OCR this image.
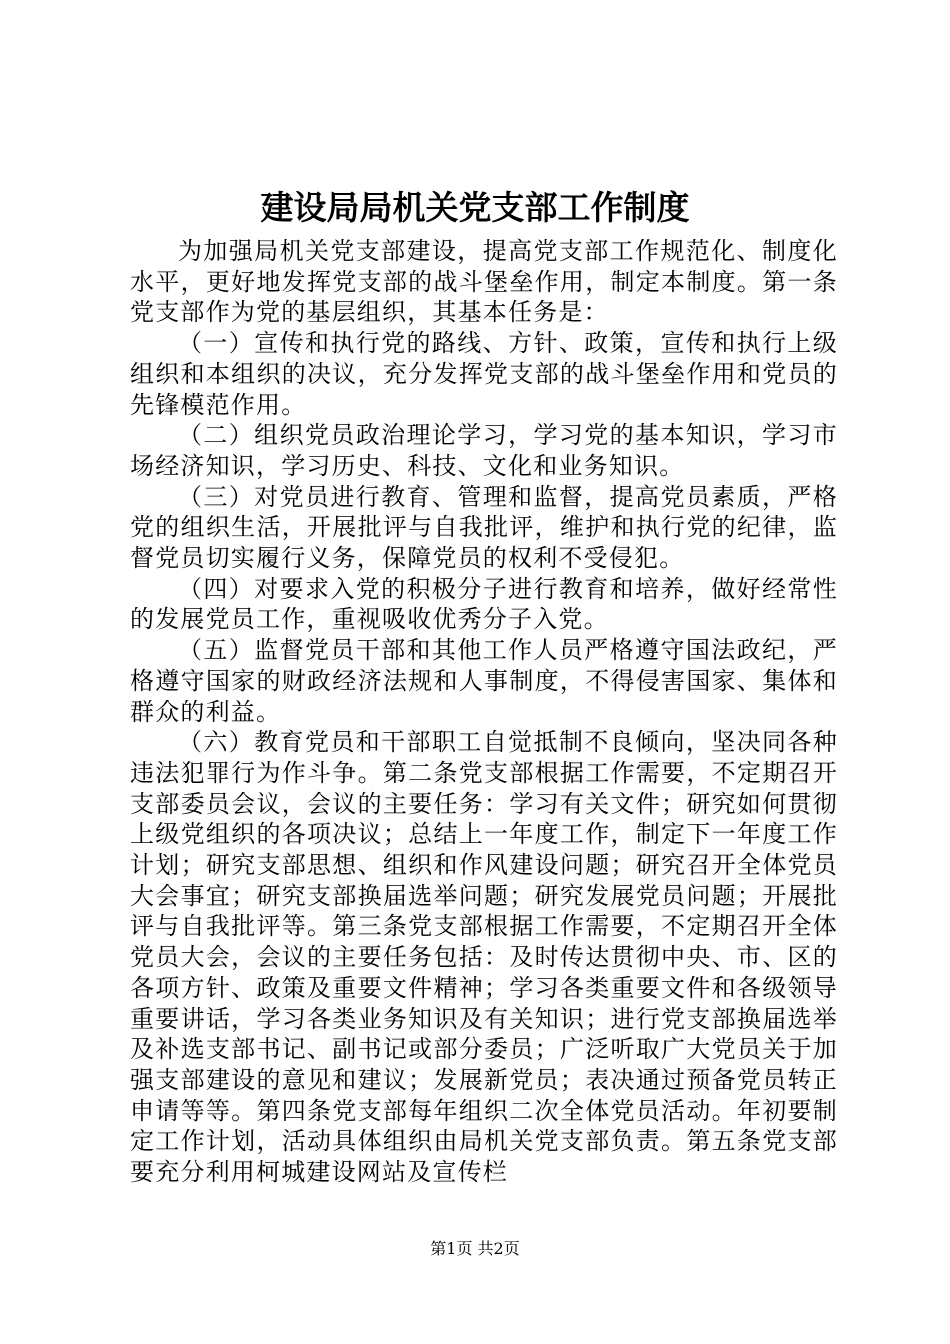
建设局局机关党支部工作制度

为加强局机关党支部建设，提高党支部工作规范化、制度化水平，更好地发挥党支部的战斗堡垒作用，制定本制度。第一条党支部作为党的基层组织，其基本任务是：

（一）宣传和执行党的路线、方针、政策，宣传和执行上级组织和本组织的决议，充分发挥党支部的战斗堡垒作用和党员的先锋模范作用。

（二）组织党员政治理论学习，学习党的基本知识，学习市场经济知识，学习历史、科技、文化和业务知识。

（三）对党员进行教育、管理和监督，提高党员素质，严格党的组织生活，开展批评与自我批评，维护和执行党的纪律，监督党员切实履行义务，保障党员的权利不受侵犯。

（四）对要求入党的积极分子进行教育和培养，做好经常性的发展党员工作，重视吸收优秀分子入党。

（五）监督党员干部和其他工作人员严格遵守国法政纪，严格遵守国家的财政经济法规和人事制度，不得侵害国家、集体和群众的利益。

（六）教育党员和干部职工自觉抵制不良倾向，坚决同各种违法犯罪行为作斗争。第二条党支部根据工作需要，不定期召开支部委员会议，会议的主要任务：学习有关文件；研究如何贯彻上级党组织的各项决议；总结上一年度工作，制定下一年度工作计划；研究支部思想、组织和作风建设问题；研究召开全体党员大会事宜；研究支部换届选举问题；研究发展党员问题；开展批评与自我批评等。第三条党支部根据工作需要，不定期召开全体党员大会，会议的主要任务包括：及时传达贯彻中央、市、区的各项方针、政策及重要文件精神；学习各类重要文件和各级领导重要讲话，学习各类业务知识及有关知识；进行党支部换届选举及补选支部书记、副书记或部分委员；广泛听取广大党员关于加强支部建设的意见和建议；发展新党员；表决通过预备党员转正申请等等。第四条党支部每年组织二次全体党员活动。年初要制定工作计划，活动具体组织由局机关党支部负责。第五条党支部要充分利用柯城建设网站及宣传栏

第1页 共2页
